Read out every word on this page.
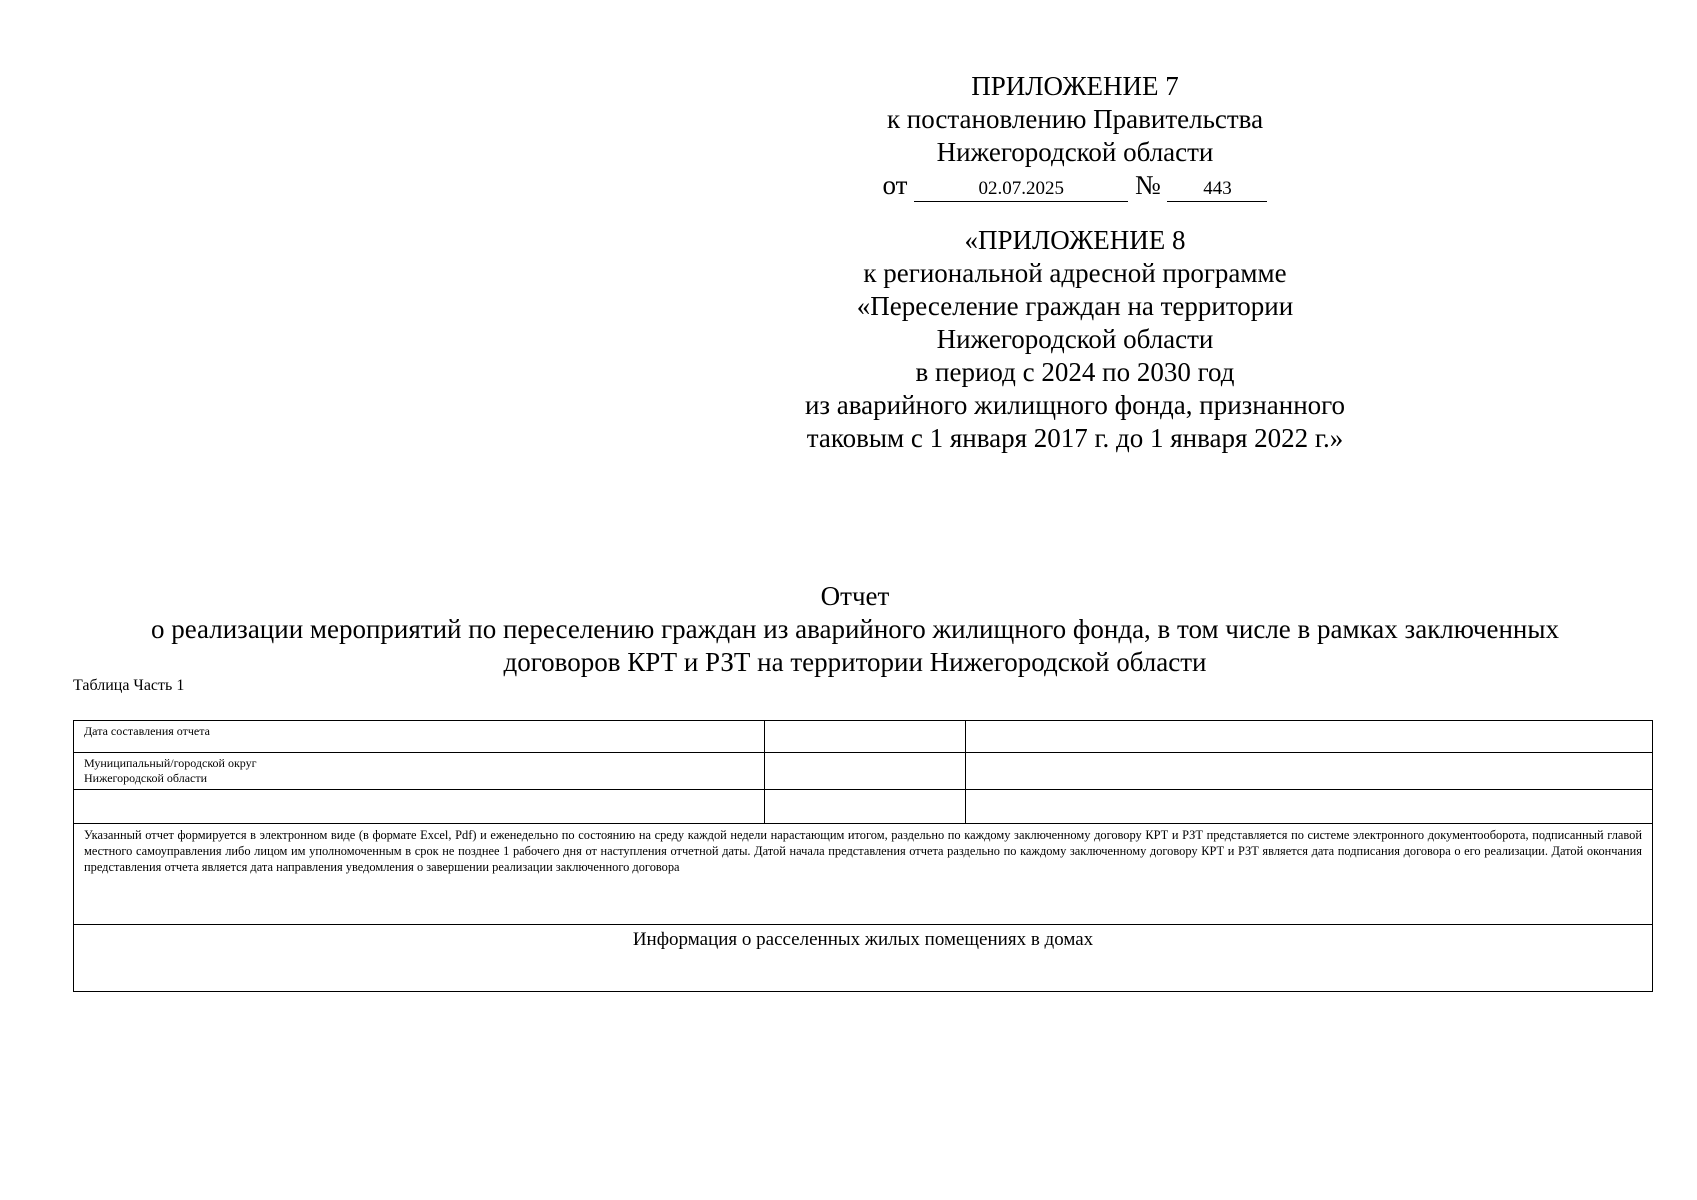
ПРИЛОЖЕНИЕ 7
к постановлению Правительства
Нижегородской области
от	02.07.2025	№ 443
«ПРИЛОЖЕНИЕ 8
к региональной адресной программе
«Переселение граждан на территории
Нижегородской области
в период с 2024 по 2030 год
из аварийного жилищного фонда, признанного
таковым с 1 января 2017 г. до 1 января 2022 г.»
Отчет
о реализации мероприятий по переселению граждан из аварийного жилищного фонда, в том числе в рамках заключенных
договоров КРТ и РЗТ на территории Нижегородской области
Таблица Часть 1
Дата составления отчета		
Муниципальный/городской округ
Нижегородской области		

Указанный отчет формируется в электронном виде (в формате Excel, Pdf) и еженедельно по состоянию на среду каждой недели нарастающим итогом, раздельно по каждому заключенному договору КРТ и РЗТ представляется по системе электронного документооборота, подписанный главой местного самоуправления либо лицом им уполномоченным в срок не позднее 1 рабочего дня от наступления отчетной даты. Датой начала представления отчета раздельно по каждому заключенному договору КРТ и РЗТ является дата подписания договора о его реализации. Датой окончания представления отчета является дата направления уведомления о завершении реализации заключенного договора		
Информация о расселенных жилых помещениях в домах		
